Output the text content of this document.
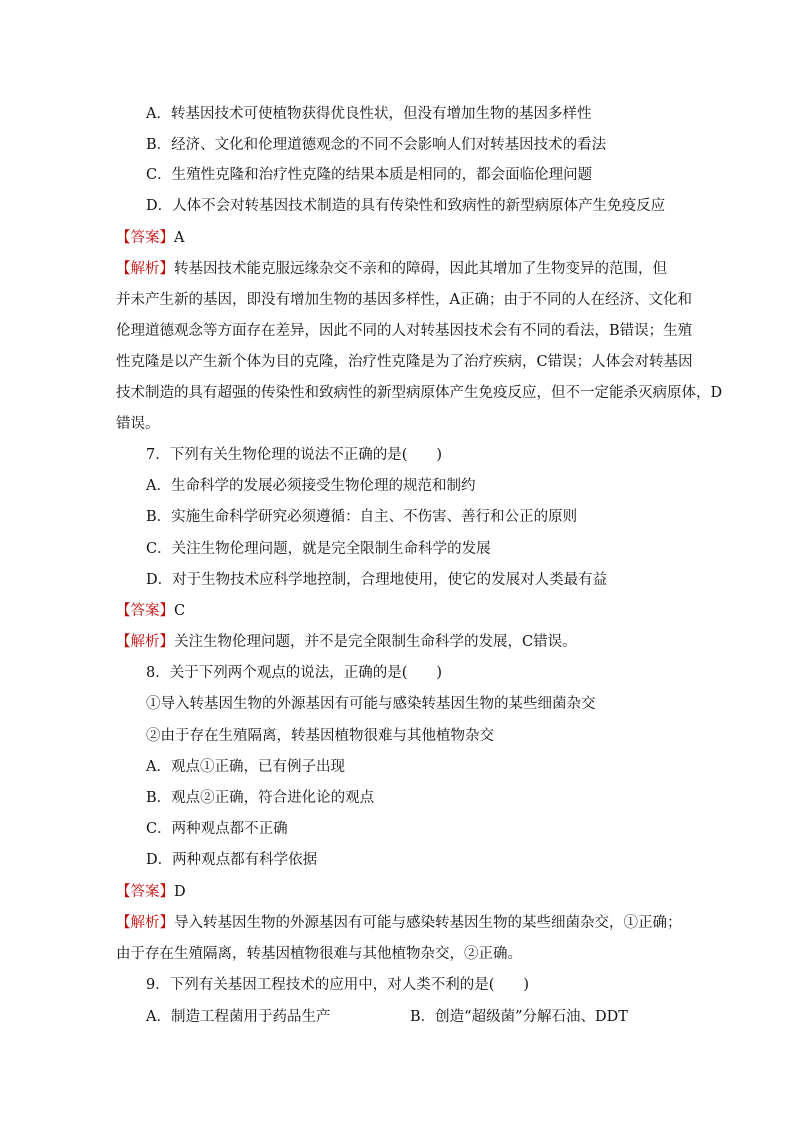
A．转基因技术可使植物获得优良性状，但没有增加生物的基因多样性
B．经济、文化和伦理道德观念的不同不会影响人们对转基因技术的看法
C．生殖性克隆和治疗性克隆的结果本质是相同的，都会面临伦理问题
D．人体不会对转基因技术制造的具有传染性和致病性的新型病原体产生免疫反应
【答案】A
【解析】转基因技术能克服远缘杂交不亲和的障碍，因此其增加了生物变异的范围，但
并未产生新的基因，即没有增加生物的基因多样性，A正确；由于不同的人在经济、文化和
伦理道德观念等方面存在差异，因此不同的人对转基因技术会有不同的看法，B错误；生殖
性克隆是以产生新个体为目的克隆，治疗性克隆是为了治疗疾病，C错误；人体会对转基因
技术制造的具有超强的传染性和致病性的新型病原体产生免疫反应，但不一定能杀灭病原体，D
错误。
7．下列有关生物伦理的说法不正确的是(　　)
A．生命科学的发展必须接受生物伦理的规范和制约
B．实施生命科学研究必须遵循：自主、不伤害、善行和公正的原则
C．关注生物伦理问题，就是完全限制生命科学的发展
D．对于生物技术应科学地控制，合理地使用，使它的发展对人类最有益
【答案】C
【解析】关注生物伦理问题，并不是完全限制生命科学的发展，C错误。
8．关于下列两个观点的说法，正确的是(　　)
①导入转基因生物的外源基因有可能与感染转基因生物的某些细菌杂交
②由于存在生殖隔离，转基因植物很难与其他植物杂交
A．观点①正确，已有例子出现
B．观点②正确，符合进化论的观点
C．两种观点都不正确
D．两种观点都有科学依据
【答案】D
【解析】导入转基因生物的外源基因有可能与感染转基因生物的某些细菌杂交，①正确；
由于存在生殖隔离，转基因植物很难与其他植物杂交，②正确。
9．下列有关基因工程技术的应用中，对人类不利的是(　　)
A．制造工程菌用于药品生产	B．创造“超级菌”分解石油、DDT
